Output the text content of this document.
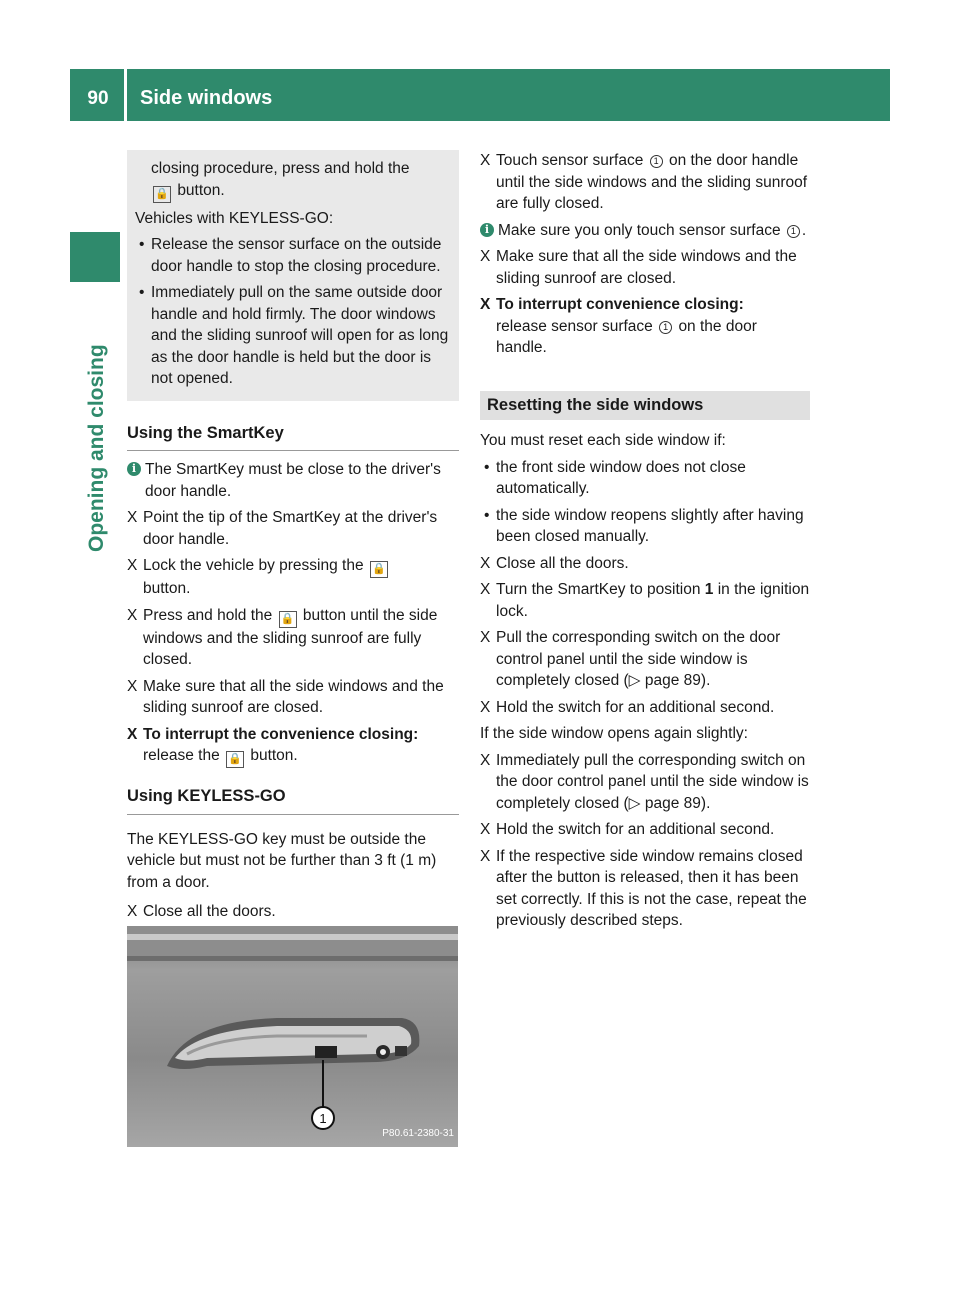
90	Side windows
Opening and closing

closing procedure, press and hold the
🔒 button.

Vehicles with KEYLESS-GO:

• Release the sensor surface on the outside door handle to stop the closing procedure.
• Immediately pull on the same outside door handle and hold firmly. The door windows and the sliding sunroof will open for as long as the door handle is held but the door is not opened.
Using the SmartKey
i The SmartKey must be close to the driver's door handle.
X Point the tip of the SmartKey at the driver's door handle.
X Lock the vehicle by pressing the 🔒
button.
X Press and hold the 🔒 button until the side windows and the sliding sunroof are fully closed.
X Make sure that all the side windows and the sliding sunroof are closed.
X To interrupt the convenience closing:
release the 🔒 button.
Using KEYLESS-GO

The KEYLESS-GO key must be outside the vehicle but must not be further than 3 ft (1 m) from a door.

X Close all the doors.
1
P80.61-2380-31
X Touch sensor surface 1 on the door handle until the side windows and the sliding sunroof are fully closed.
i Make sure you only touch sensor surface 1 .
X Make sure that all the side windows and the sliding sunroof are closed.
X To interrupt convenience closing:
release sensor surface 1 on the door handle.
Resetting the side windows

You must reset each side window if:

• the front side window does not close automatically.
• the side window reopens slightly after having been closed manually.
X Close all the doors.
X Turn the SmartKey to position 1 in the ignition lock.
X Pull the corresponding switch on the door control panel until the side window is completely closed (▷ page 89).
X Hold the switch for an additional second.

If the side window opens again slightly:

X Immediately pull the corresponding switch on the door control panel until the side window is completely closed (▷ page 89).
X Hold the switch for an additional second.
X If the respective side window remains closed after the button is released, then it has been set correctly. If this is not the case, repeat the previously described steps.
